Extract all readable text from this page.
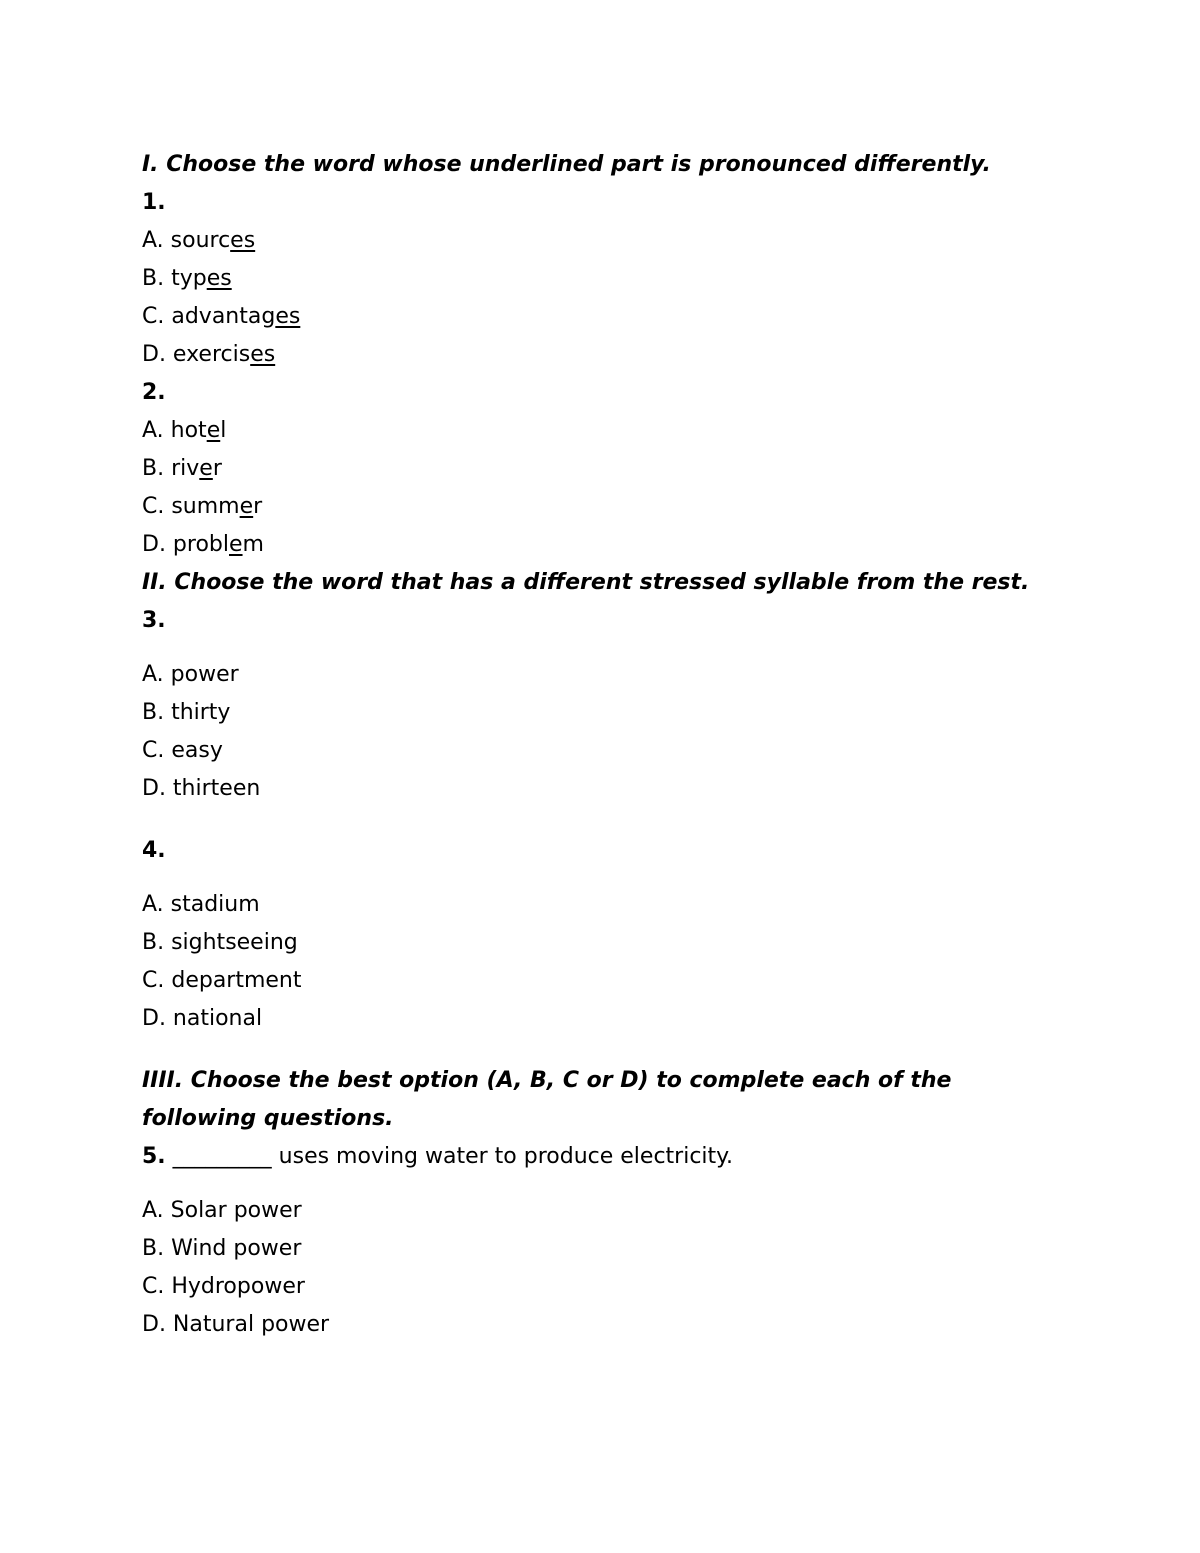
I. Choose the word whose underlined part is pronounced differently.
1.
A. sources
B. types
C. advantages
D. exercises
2.
A. hotel
B. river
C. summer
D. problem
II. Choose the word that has a different stressed syllable from the rest.
3.
A. power
B. thirty
C. easy
D. thirteen
4.
A. stadium
B. sightseeing
C. department
D. national
IIII. Choose the best option (A, B, C or D) to complete each of the following questions.
5. _________ uses moving water to produce electricity.
A. Solar power
B. Wind power
C. Hydropower
D. Natural power
